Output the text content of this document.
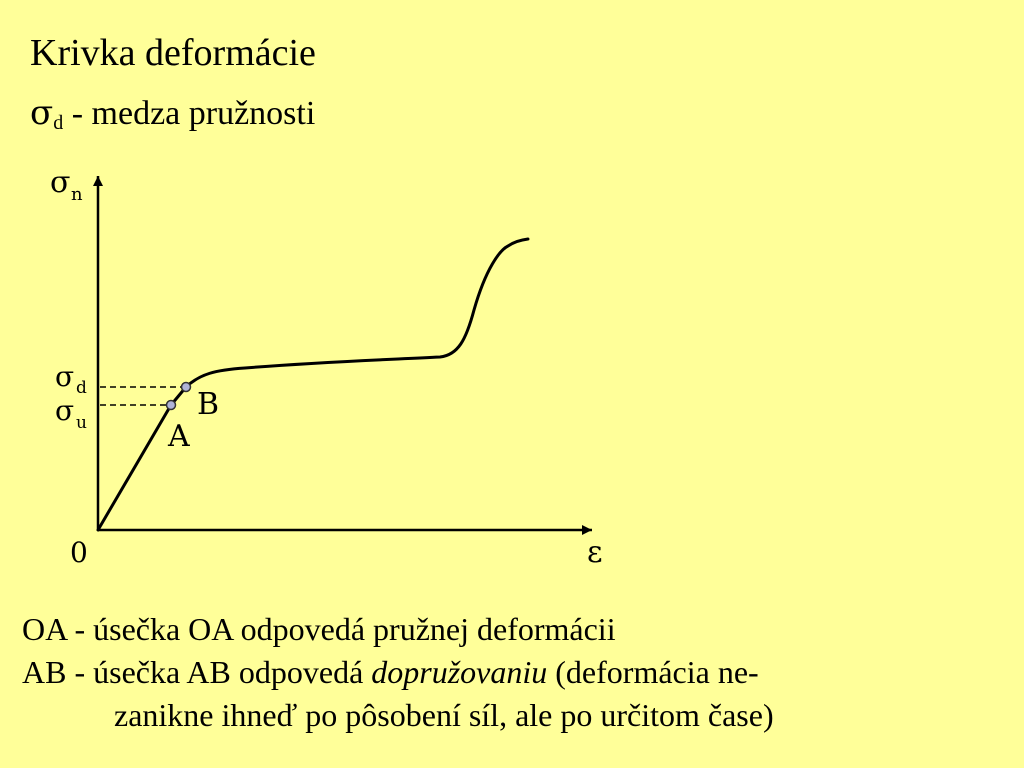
Krivka deformácie
$\sigma_d$ - medza pružnosti
σ n
σ d
σ u
B
A
0	ε
OA - úsečka OA odpovedá pružnej deformácii
AB - úsečka AB odpovedá dopružovaniu (deformácia ne-
zanikne ihneď po pôsobení síl, ale po určitom čase)
